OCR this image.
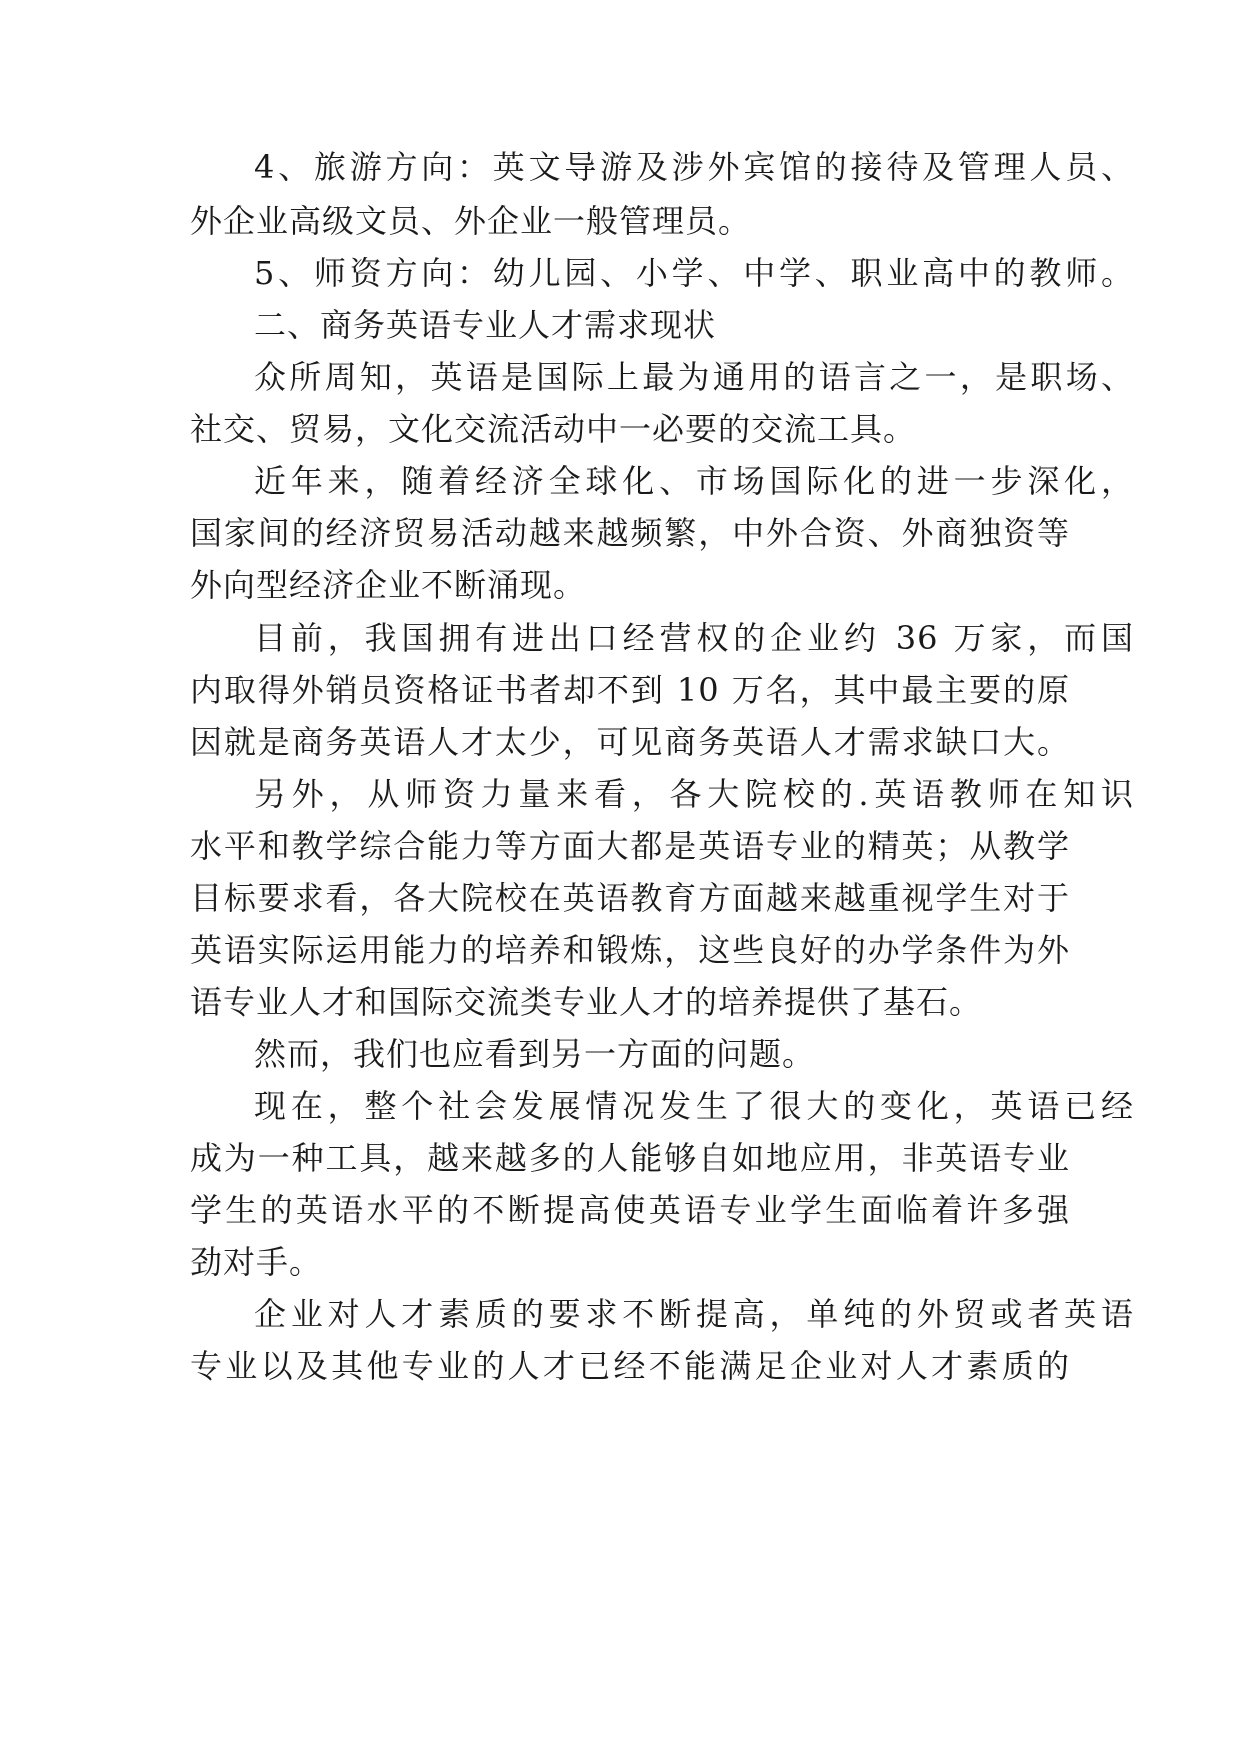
4、旅游方向：英文导游及涉外宾馆的接待及管理人员、
外企业高级文员、外企业一般管理员。
5、师资方向：幼儿园、小学、中学、职业高中的教师。
二、商务英语专业人才需求现状
众所周知，英语是国际上最为通用的语言之一，是职场、
社交、贸易，文化交流活动中一必要的交流工具。
近年来，随着经济全球化、市场国际化的进一步深化，
国家间的经济贸易活动越来越频繁，中外合资、外商独资等
外向型经济企业不断涌现。
目前，我国拥有进出口经营权的企业约 36 万家，而国
内取得外销员资格证书者却不到 10 万名，其中最主要的原
因就是商务英语人才太少，可见商务英语人才需求缺口大。
另外，从师资力量来看，各大院校的.英语教师在知识
水平和教学综合能力等方面大都是英语专业的精英；从教学
目标要求看，各大院校在英语教育方面越来越重视学生对于
英语实际运用能力的培养和锻炼，这些良好的办学条件为外
语专业人才和国际交流类专业人才的培养提供了基石。
然而，我们也应看到另一方面的问题。
现在，整个社会发展情况发生了很大的变化，英语已经
成为一种工具，越来越多的人能够自如地应用，非英语专业
学生的英语水平的不断提高使英语专业学生面临着许多强
劲对手。
企业对人才素质的要求不断提高，单纯的外贸或者英语
专业以及其他专业的人才已经不能满足企业对人才素质的
